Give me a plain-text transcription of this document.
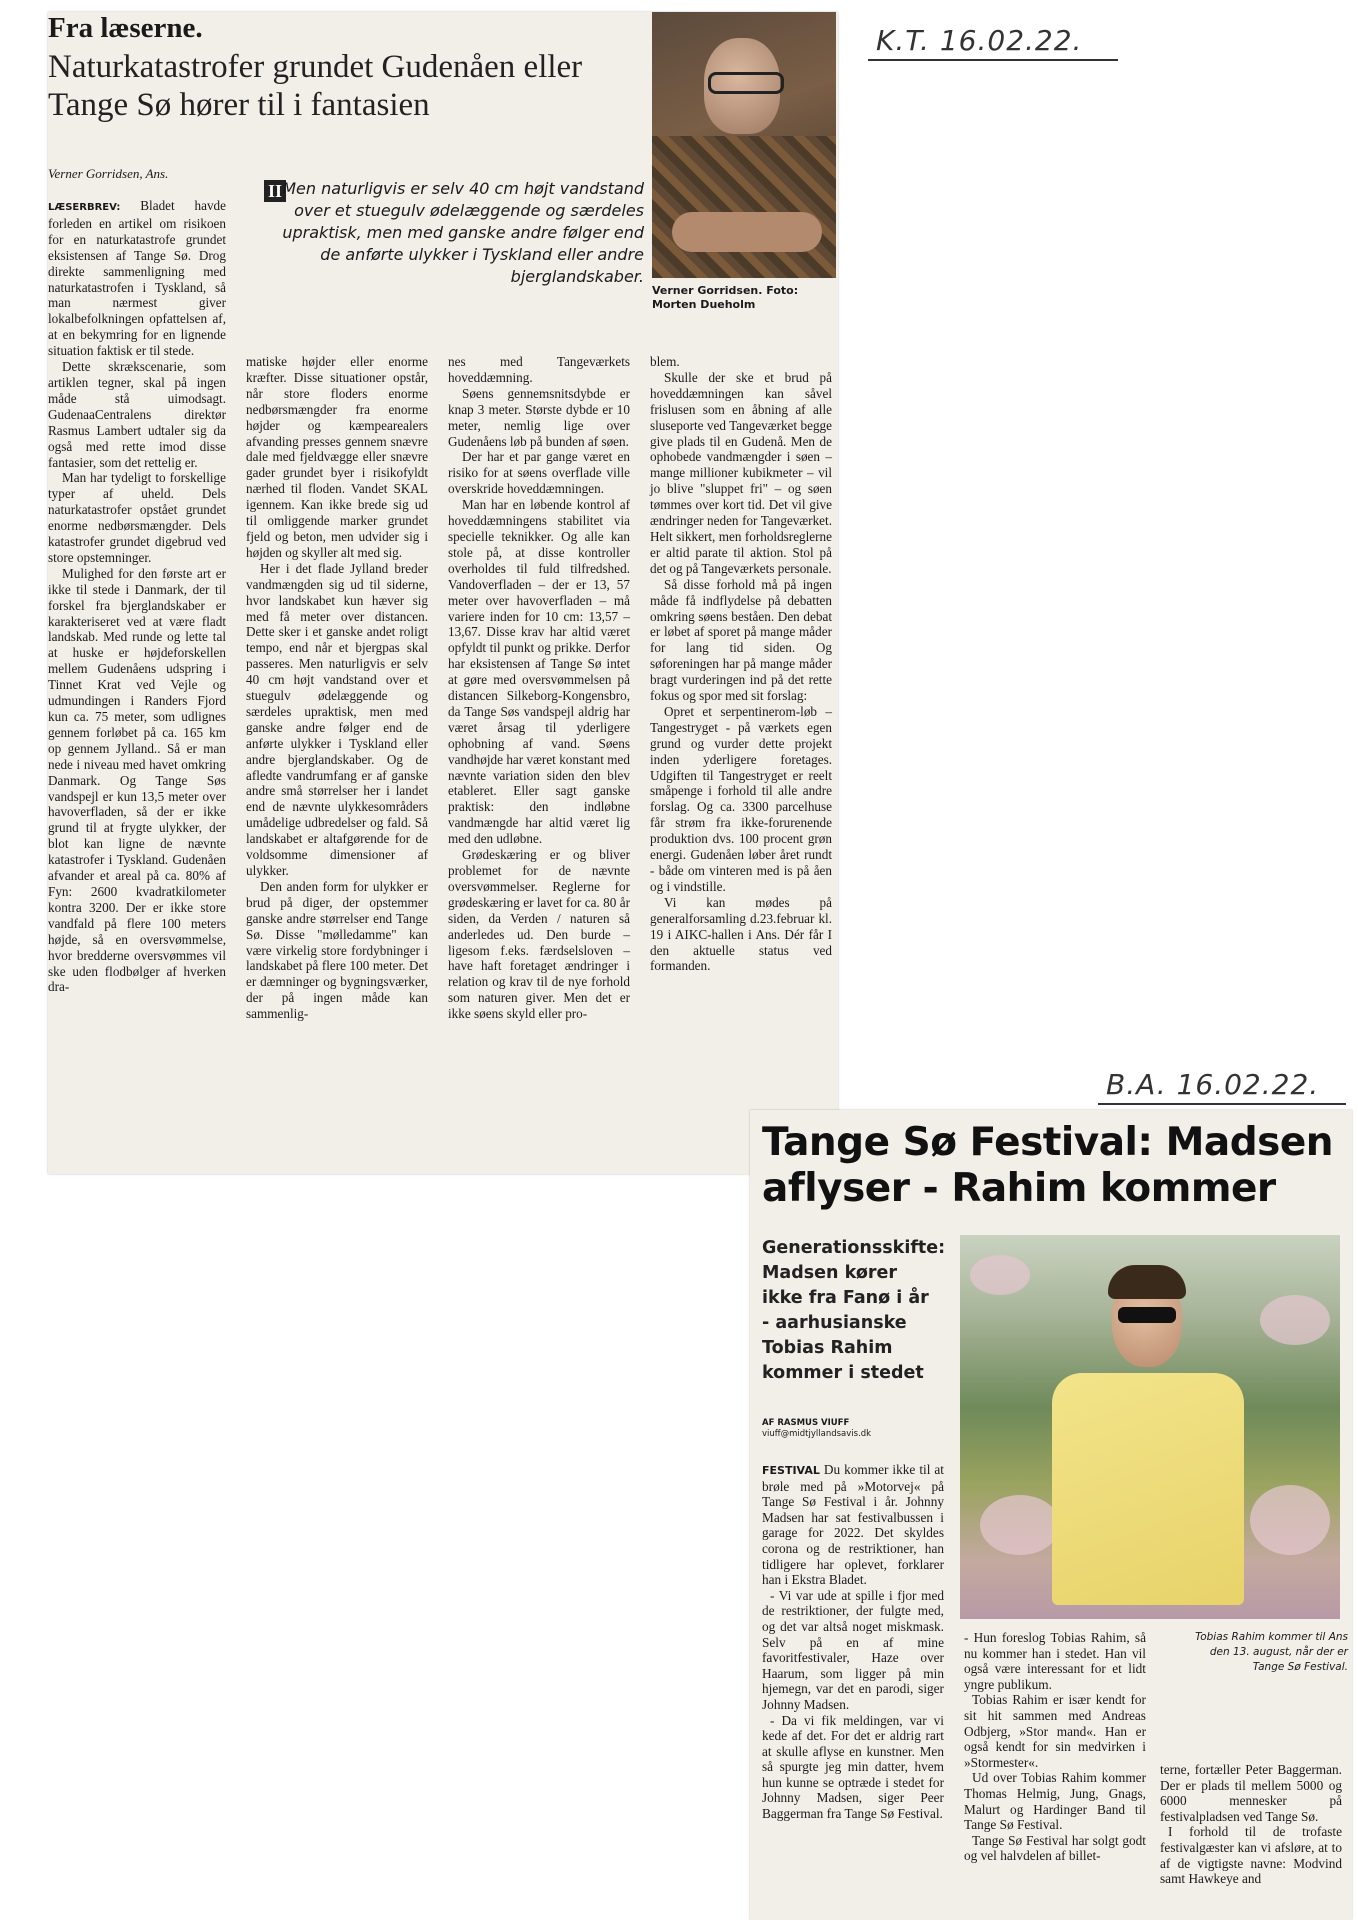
K.T. 16.02.22.
B.A. 16.02.22.
Fra læserne.
Naturkatastrofer grundet Gudenåen eller Tange Sø hører til i fantasien
Verner Gorridsen. Foto: Morten Dueholm
Verner Gorridsen, Ans.
II Men naturligvis er selv 40 cm højt vandstand over et stuegulv ødelæggende og særdeles upraktisk, men med ganske andre følger end de anførte ulykker i Tyskland eller andre bjerglandskaber.

LÆSERBREV: Bladet havde forleden en artikel om risikoen for en naturkatastrofe grundet eksistensen af Tange Sø. Drog direkte sammenligning med naturkatastrofen i Tyskland, så man nærmest giver lokalbefolkningen opfattelsen af, at en bekymring for en lignende situation faktisk er til stede.

Dette skrækscenarie, som artiklen tegner, skal på ingen måde stå uimodsagt. GudenaaCentralens direktør Rasmus Lambert udtaler sig da også med rette imod disse fantasier, som det rettelig er.

Man har tydeligt to forskellige typer af uheld. Dels naturkatastrofer opstået grundet enorme nedbørsmængder. Dels katastrofer grundet digebrud ved store opstemninger.

Mulighed for den første art er ikke til stede i Danmark, der til forskel fra bjerglandskaber er karakteriseret ved at være fladt landskab. Med runde og lette tal at huske er højdeforskellen mellem Gudenåens udspring i Tinnet Krat ved Vejle og udmundingen i Randers Fjord kun ca. 75 meter, som udlignes gennem forløbet på ca. 165 km op gennem Jylland.. Så er man nede i niveau med havet omkring Danmark. Og Tange Søs vandspejl er kun 13,5 meter over havoverfladen, så der er ikke grund til at frygte ulykker, der blot kan ligne de nævnte katastrofer i Tyskland. Gudenåen afvander et areal på ca. 80% af Fyn: 2600 kvadratkilometer kontra 3200. Der er ikke store vandfald på flere 100 meters højde, så en oversvømmelse, hvor bredderne oversvømmes vil ske uden flodbølger af hverken dra-

matiske højder eller enorme kræfter. Disse situationer opstår, når store floders enorme nedbørsmængder fra enorme højder og kæmpearealers afvanding presses gennem snævre dale med fjeldvægge eller snævre gader grundet byer i risikofyldt nærhed til floden. Vandet SKAL igennem. Kan ikke brede sig ud til omliggende marker grundet fjeld og beton, men udvider sig i højden og skyller alt med sig.

Her i det flade Jylland breder vandmængden sig ud til siderne, hvor landskabet kun hæver sig med få meter over distancen. Dette sker i et ganske andet roligt tempo, end når et bjergpas skal passeres. Men naturligvis er selv 40 cm højt vandstand over et stuegulv ødelæggende og særdeles upraktisk, men med ganske andre følger end de anførte ulykker i Tyskland eller andre bjerglandskaber. Og de afledte vandrumfang er af ganske andre små størrelser her i landet end de nævnte ulykkesområders umådelige udbredelser og fald. Så landskabet er altafgørende for de voldsomme dimensioner af ulykker.

Den anden form for ulykker er brud på diger, der opstemmer ganske andre størrelser end Tange Sø. Disse "mølledamme" kan være virkelig store fordybninger i landskabet på flere 100 meter. Det er dæmninger og bygningsværker, der på ingen måde kan sammenlig-

nes med Tangeværkets hoveddæmning.

Søens gennemsnitsdybde er knap 3 meter. Største dybde er 10 meter, nemlig lige over Gudenåens løb på bunden af søen.

Der har et par gange været en risiko for at søens overflade ville overskride hoveddæmningen.

Man har en løbende kontrol af hoveddæmningens stabilitet via specielle teknikker. Og alle kan stole på, at disse kontroller overholdes til fuld tilfredshed. Vandoverfladen – der er 13, 57 meter over havoverfladen – må variere inden for 10 cm: 13,57 – 13,67. Disse krav har altid været opfyldt til punkt og prikke. Derfor har eksistensen af Tange Sø intet at gøre med oversvømmelsen på distancen Silkeborg-Kongensbro, da Tange Søs vandspejl aldrig har været årsag til yderligere ophobning af vand. Søens vandhøjde har været konstant med nævnte variation siden den blev etableret. Eller sagt ganske praktisk: den indløbne vandmængde har altid været lig med den udløbne.

Grødeskæring er og bliver problemet for de nævnte oversvømmelser. Reglerne for grødeskæring er lavet for ca. 80 år siden, da Verden / naturen så anderledes ud. Den burde – ligesom f.eks. færdselsloven – have haft foretaget ændringer i relation og krav til de nye forhold som naturen giver. Men det er ikke søens skyld eller pro-

blem.

Skulle der ske et brud på hoveddæmningen kan såvel frislusen som en åbning af alle sluseporte ved Tangeværket begge give plads til en Gudenå. Men de ophobede vandmængder i søen – mange millioner kubikmeter – vil jo blive "sluppet fri" – og søen tømmes over kort tid. Det vil give ændringer neden for Tangeværket. Helt sikkert, men forholdsreglerne er altid parate til aktion. Stol på det og på Tangeværkets personale.

Så disse forhold må på ingen måde få indflydelse på debatten omkring søens beståen. Den debat er løbet af sporet på mange måder for lang tid siden. Og søforeningen har på mange måder bragt vurderingen ind på det rette fokus og spor med sit forslag:

Opret et serpentinerom-løb – Tangestryget - på værkets egen grund og vurder dette projekt inden yderligere foretages. Udgiften til Tangestryget er reelt småpenge i forhold til alle andre forslag. Og ca. 3300 parcelhuse får strøm fra ikke-forurenende produktion dvs. 100 procent grøn energi. Gudenåen løber året rundt - både om vinteren med is på åen og i vindstille.

Vi kan mødes på generalforsamling d.23.februar kl. 19 i AIKC-hallen i Ans. Dér får I den aktuelle status ved formanden.

Tange Sø Festival: Madsen aflyser - Rahim kommer
Generationsskifte: Madsen kører ikke fra Fanø i år - aarhusianske Tobias Rahim kommer i stedet
AF RASMUS VIUFF
viuff@midtjyllandsavis.dk
Tobias Rahim kommer til Ans den 13. august, når der er Tange Sø Festival.

FESTIVAL Du kommer ikke til at brøle med på »Motorvej« på Tange Sø Festival i år. Johnny Madsen har sat festivalbussen i garage for 2022. Det skyldes corona og de restriktioner, han tidligere har oplevet, forklarer han i Ekstra Bladet.

- Vi var ude at spille i fjor med de restriktioner, der fulgte med, og det var altså noget miskmask. Selv på en af mine favoritfestivaler, Haze over Haarum, som ligger på min hjemegn, var det en parodi, siger Johnny Madsen.

- Da vi fik meldingen, var vi kede af det. For det er aldrig rart at skulle aflyse en kunstner. Men så spurgte jeg min datter, hvem hun kunne se optræde i stedet for Johnny Madsen, siger Peer Baggerman fra Tange Sø Festival.

- Hun foreslog Tobias Rahim, så nu kommer han i stedet. Han vil også være interessant for et lidt yngre publikum.

Tobias Rahim er især kendt for sit hit sammen med Andreas Odbjerg, »Stor mand«. Han er også kendt for sin medvirken i »Stormester«.

Ud over Tobias Rahim kommer Thomas Helmig, Jung, Gnags, Malurt og Hardinger Band til Tange Sø Festival.

Tange Sø Festival har solgt godt og vel halvdelen af billet-

terne, fortæller Peter Baggerman. Der er plads til mellem 5000 og 6000 mennesker på festivalpladsen ved Tange Sø.

I forhold til de trofaste festivalgæster kan vi afsløre, at to af de vigtigste navne: Modvind samt Hawkeye and
